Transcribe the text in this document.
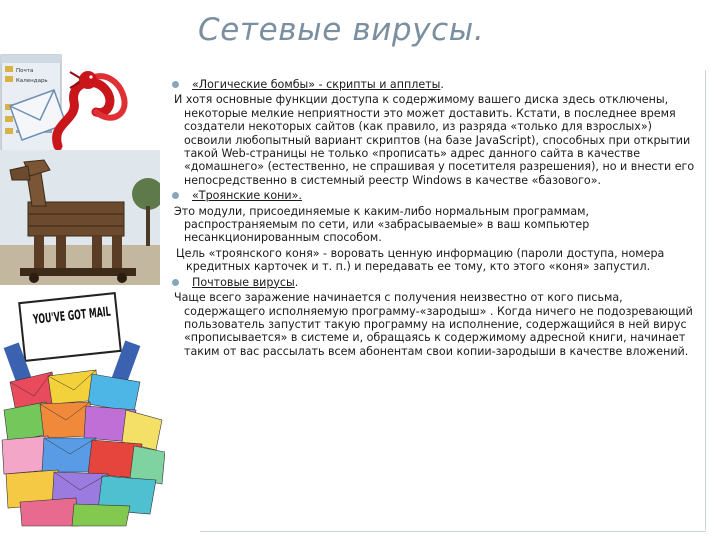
Сетевые вирусы.
Почта
Календарь
YOU'VE GOT MAIL
«Логические бомбы» - скрипты и апплеты.
И хотя основные функции доступа к содержимому вашего диска здесь отключены, некоторые мелкие неприятности это может доставить. Кстати, в последнее время создатели некоторых сайтов (как правило, из разряда «только для взрослых») освоили любопытный вариант скриптов (на базе JavaScript), способных при открытии такой Web-страницы не только «прописать» адрес данного сайта в качестве «домашнего» (естественно, не спрашивая у посетителя разрешения), но и внести его непосредственно в системный реестр Windows в качестве «базового».
«Троянские кони».
Это модули, присоединяемые к каким-либо нормальным программам, распространяемым по сети, или «забрасываемые» в ваш компьютер несанкционированным способом.
Цель «троянского коня» - воровать ценную информацию (пароли доступа, номера кредитных карточек и т. п.) и передавать ее тому, кто этого «коня» запустил.
Почтовые вирусы.
Чаще всего заражение начинается с получения неизвестно от кого письма, содержащего исполняемую программу-«зародыш» . Когда ничего не подозревающий пользователь запустит такую программу на исполнение, содержащийся в ней вирус «прописывается» в системе и, обращаясь к содержимому адресной книги, начинает таким от вас рассылать всем абонентам свои копии-зародыши в качестве вложений.
